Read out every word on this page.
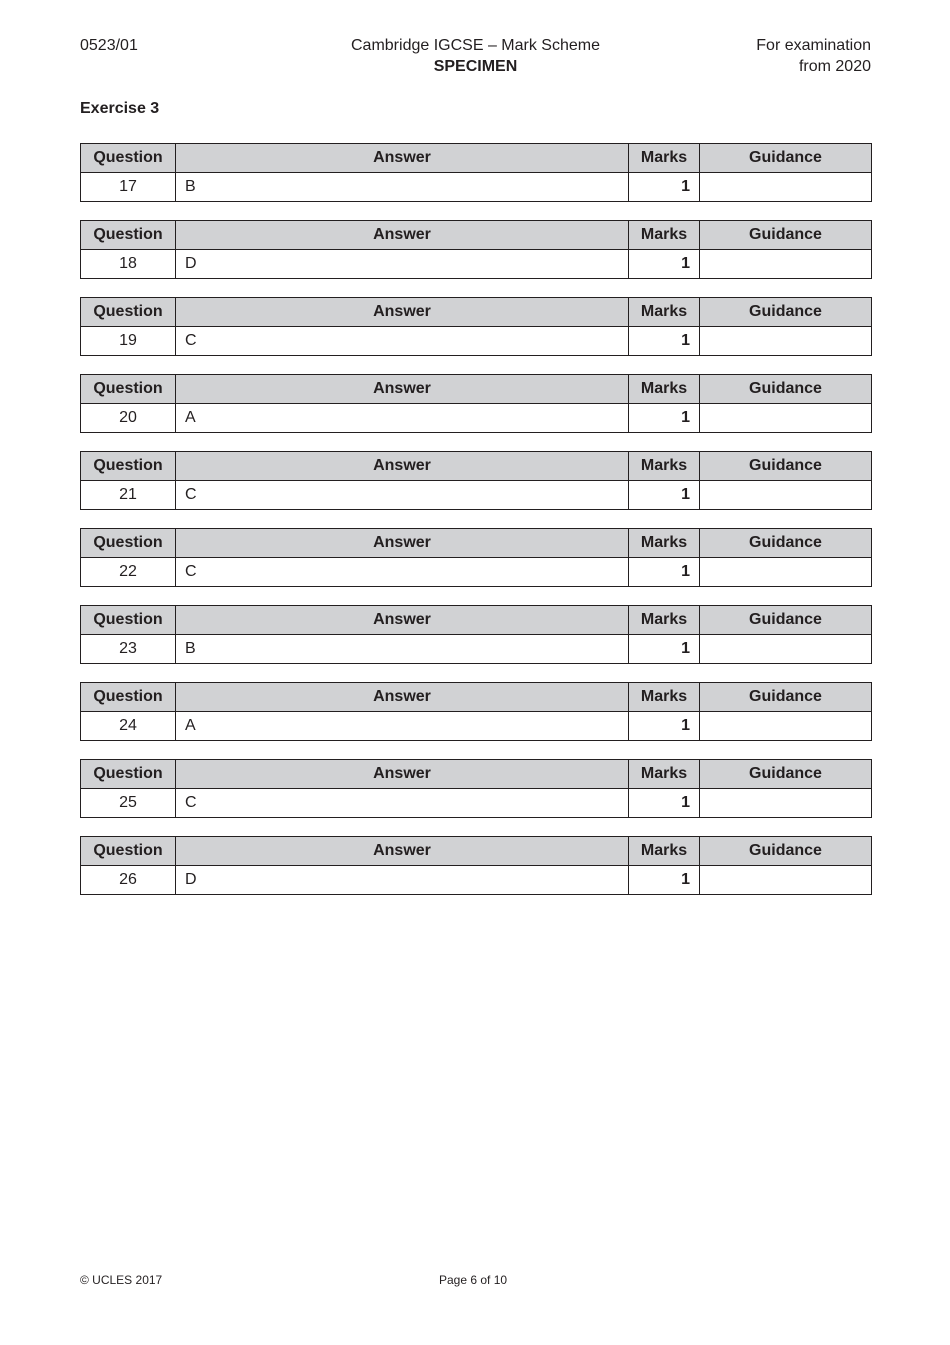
0523/01	Cambridge IGCSE – Mark Scheme
SPECIMEN
For examination
from 2020
Exercise 3
Question	Answer	Marks	Guidance
17	B	1	
Question	Answer	Marks	Guidance
18	D	1	
Question	Answer	Marks	Guidance
19	C	1	
Question	Answer	Marks	Guidance
20	A	1	
Question	Answer	Marks	Guidance
21	C	1	
Question	Answer	Marks	Guidance
22	C	1	
Question	Answer	Marks	Guidance
23	B	1	
Question	Answer	Marks	Guidance
24	A	1	
Question	Answer	Marks	Guidance
25	C	1	
Question	Answer	Marks	Guidance
26	D	1	
© UCLES 2017	Page 6 of 10
